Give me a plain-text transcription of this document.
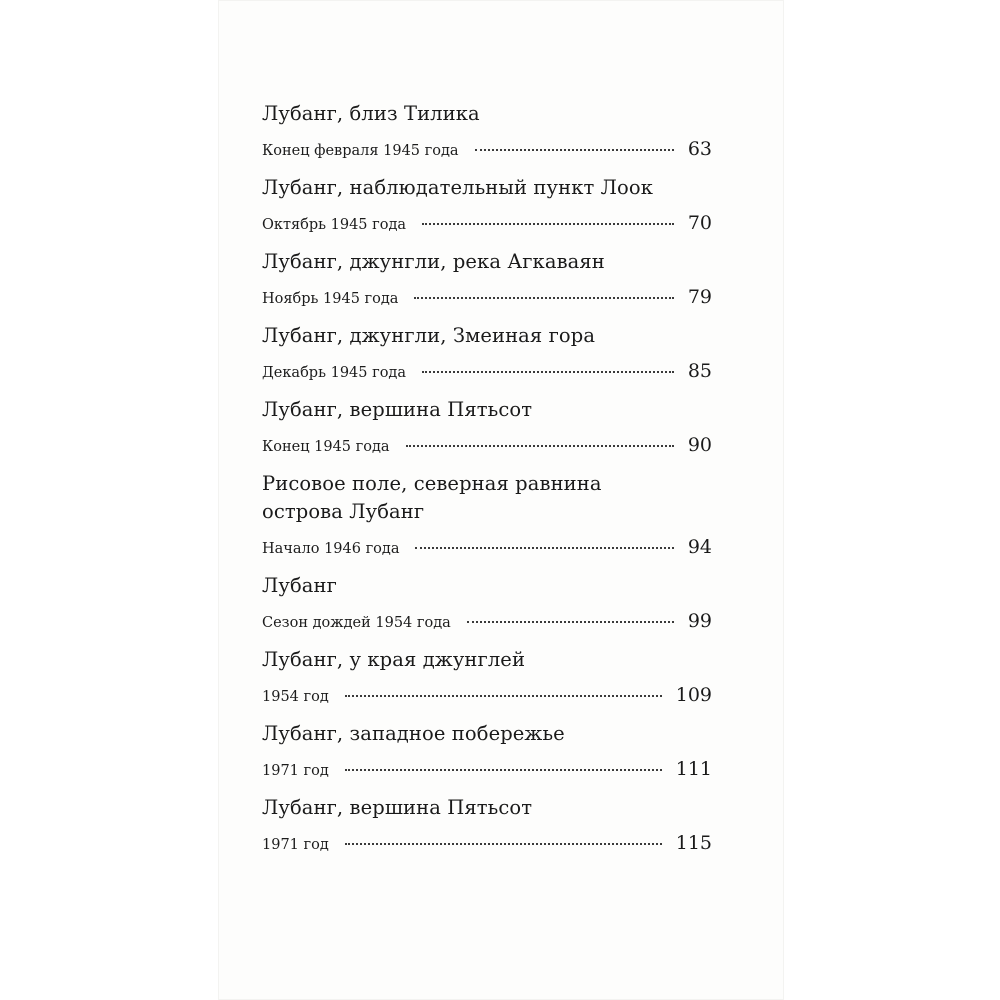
Лубанг, близ Тилика
Конец февраля 1945 года	63
Лубанг, наблюдательный пункт Лоок
Октябрь 1945 года	70
Лубанг, джунгли, река Агкаваян
Ноябрь 1945 года	79
Лубанг, джунгли, Змеиная гора
Декабрь 1945 года	85
Лубанг, вершина Пятьсот
Конец 1945 года	90
Рисовое поле, северная равнина острова Лубанг
Начало 1946 года	94
Лубанг
Сезон дождей 1954 года	99
Лубанг, у края джунглей
1954 год	109
Лубанг, западное побережье
1971 год	111
Лубанг, вершина Пятьсот
1971 год	115
